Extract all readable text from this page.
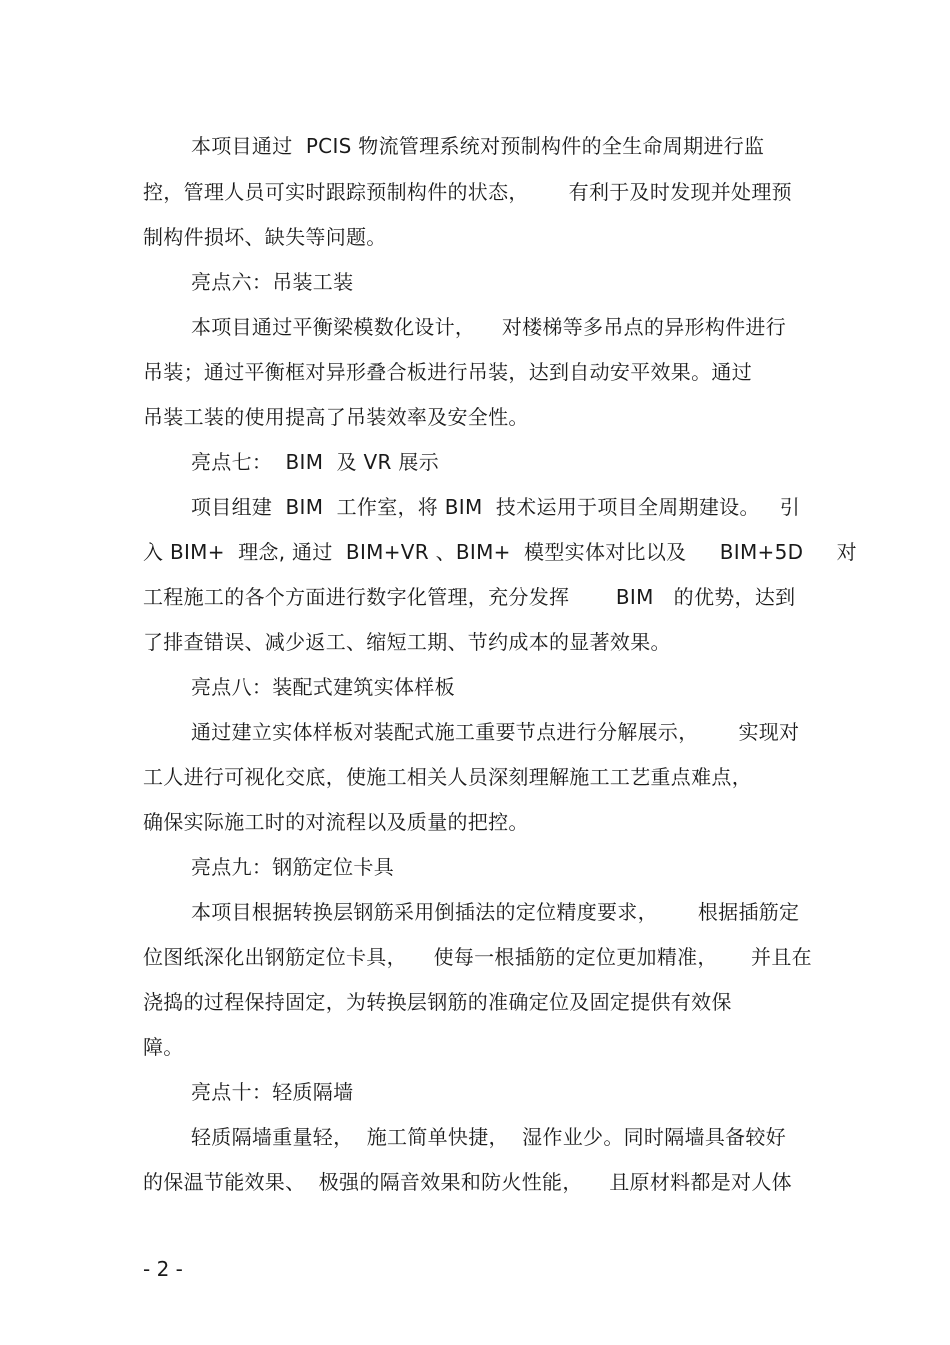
本项目通过  PCIS 物流管理系统对预制构件的全生命周期进行监
控，管理人员可实时跟踪预制构件的状态，      有利于及时发现并处理预
制构件损坏、缺失等问题。
亮点六：吊装工装
本项目通过平衡梁模数化设计，    对楼梯等多吊点的异形构件进行
吊装；通过平衡框对异形叠合板进行吊装，达到自动安平效果。通过
吊装工装的使用提高了吊装效率及安全性。
亮点七：  BIM  及 VR 展示
项目组建  BIM  工作室，将 BIM  技术运用于项目全周期建设。   引
入 BIM+  理念, 通过  BIM+VR 、BIM+  模型实体对比以及     BIM+5D     对
工程施工的各个方面进行数字化管理，充分发挥       BIM   的优势，达到
了排查错误、减少返工、缩短工期、节约成本的显著效果。
亮点八：装配式建筑实体样板
通过建立实体样板对装配式施工重要节点进行分解展示，      实现对
工人进行可视化交底，使施工相关人员深刻理解施工工艺重点难点，
确保实际施工时的对流程以及质量的把控。
亮点九：钢筋定位卡具
本项目根据转换层钢筋采用倒插法的定位精度要求，      根据插筋定
位图纸深化出钢筋定位卡具，    使每一根插筋的定位更加精准，     并且在
浇捣的过程保持固定，为转换层钢筋的准确定位及固定提供有效保
障。
亮点十：轻质隔墙
轻质隔墙重量轻，  施工简单快捷，  湿作业少。同时隔墙具备较好
的保温节能效果、  极强的隔音效果和防火性能，    且原材料都是对人体
- 2 -
